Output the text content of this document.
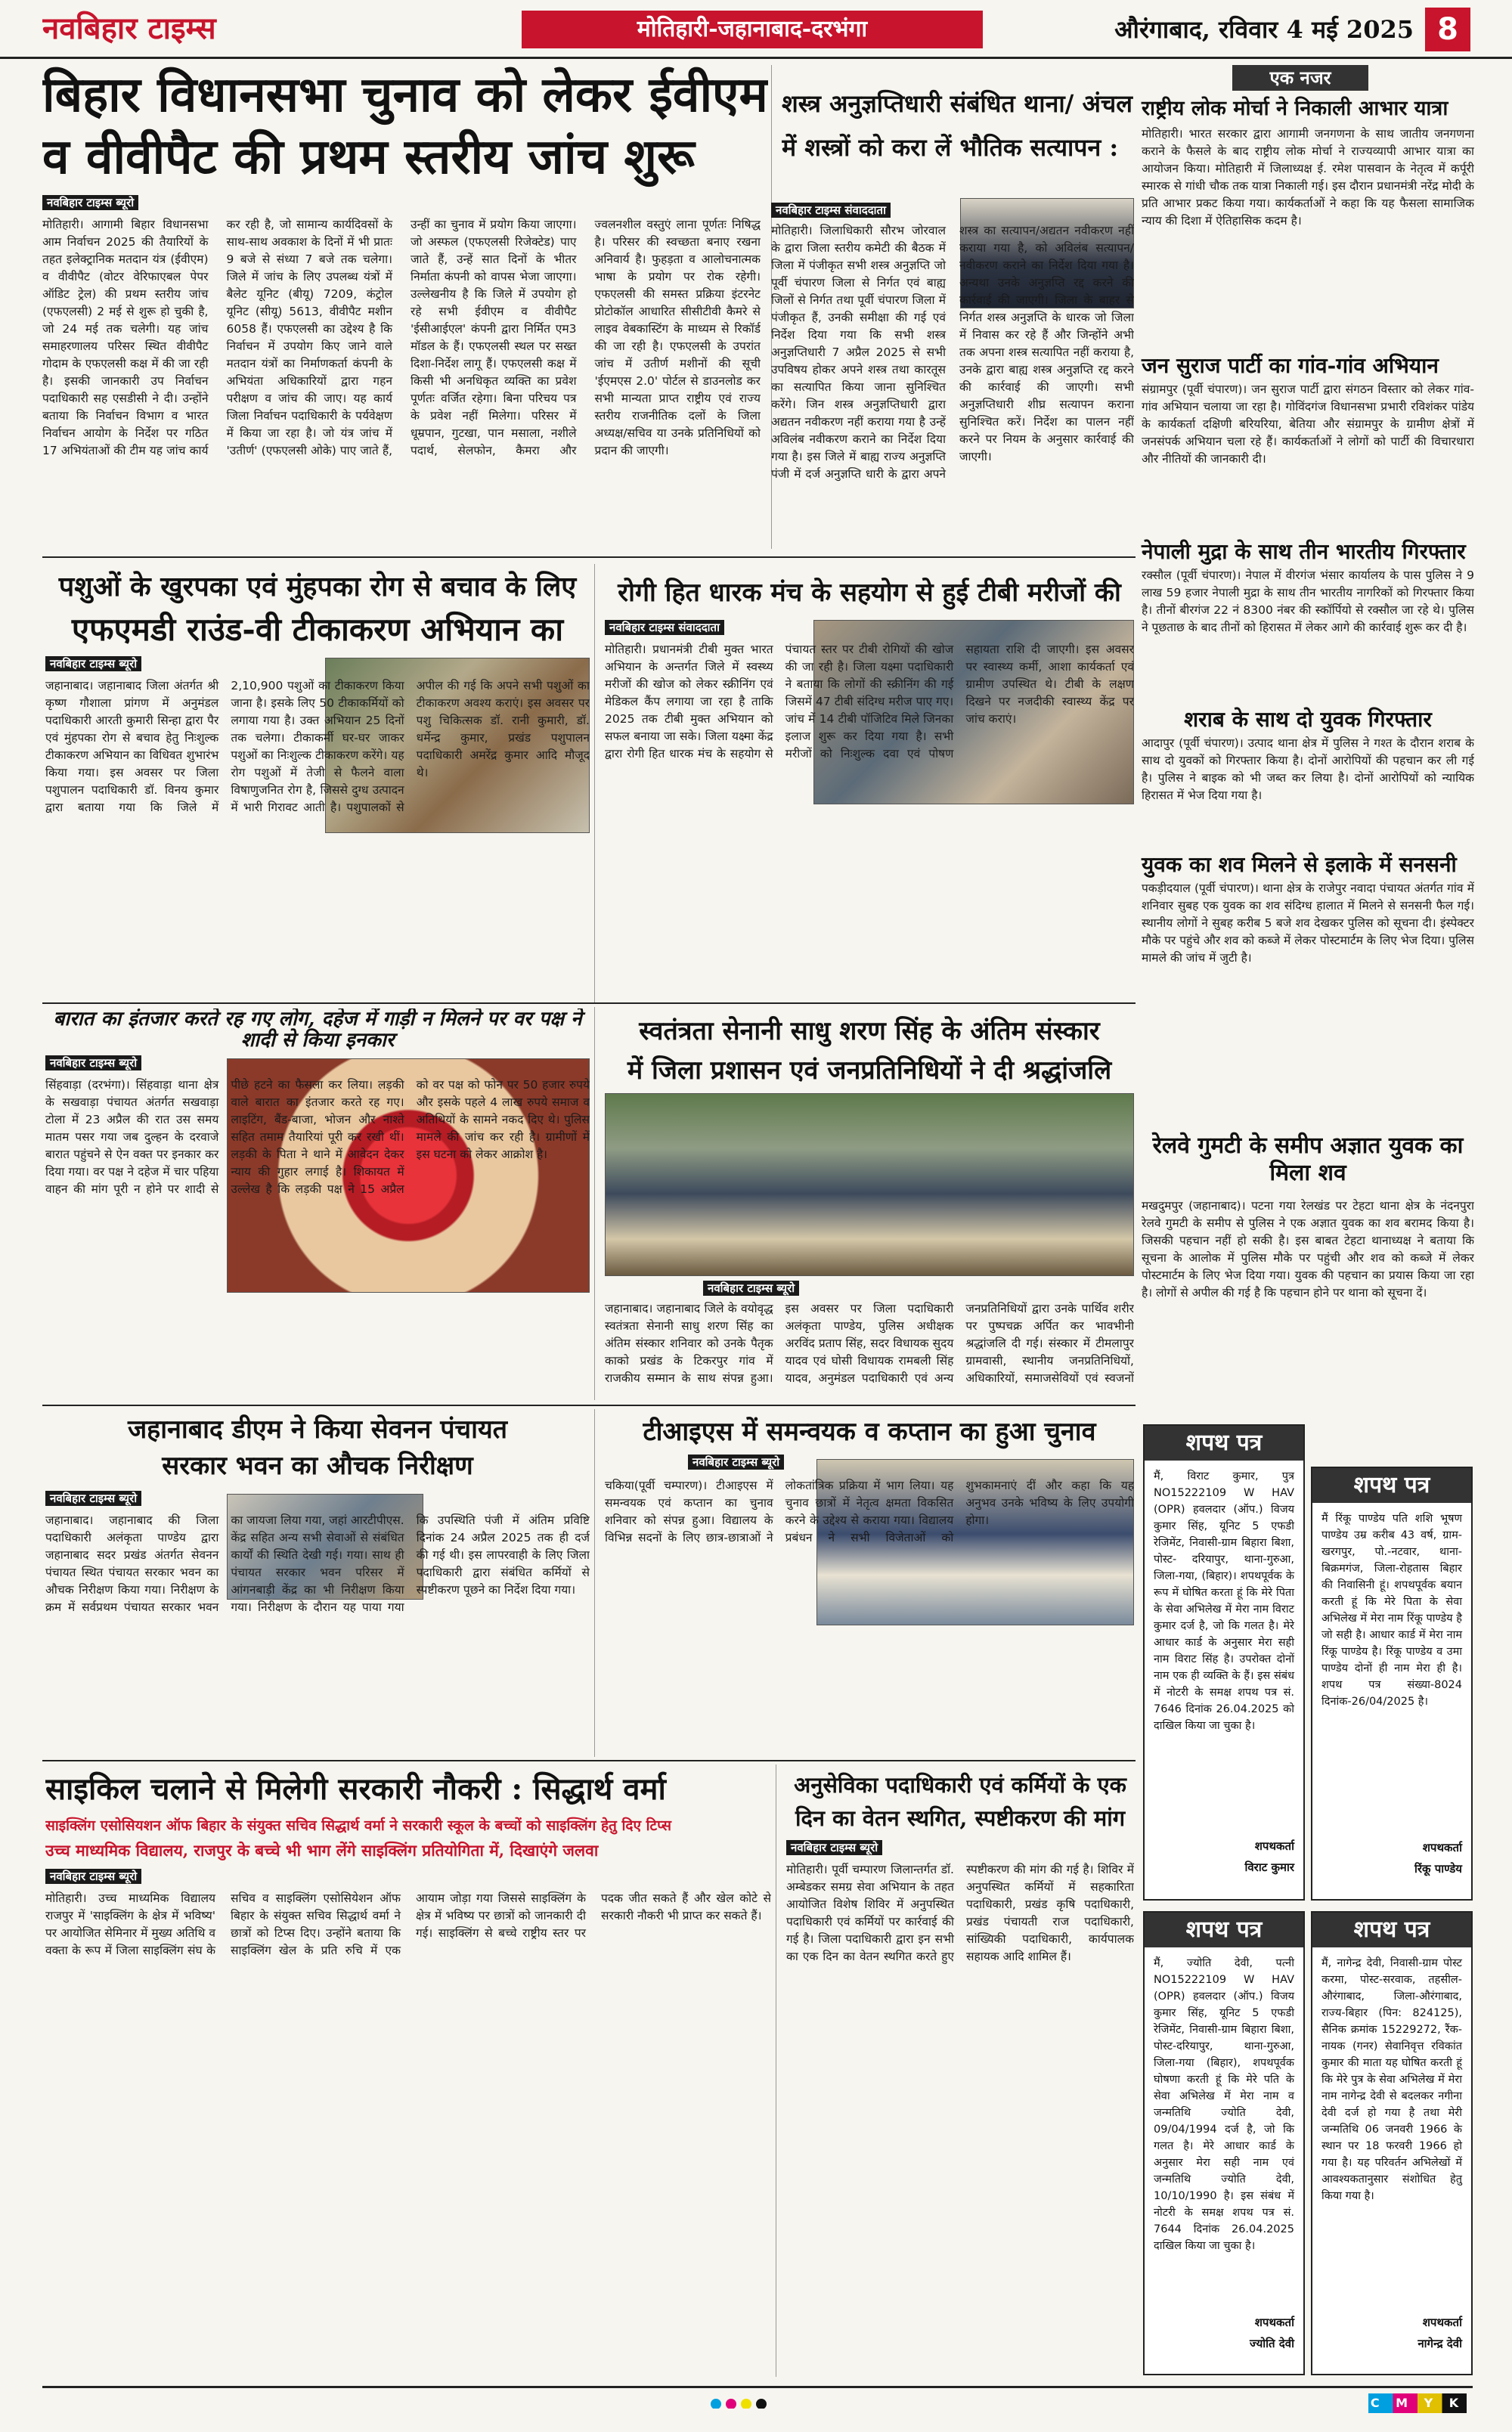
नवबिहार टाइम्स	मोतिहारी-जहानाबाद-दरभंगा	औरंगाबाद, रविवार 4 मई 2025 8
बिहार विधानसभा चुनाव को लेकर ईवीएम
व वीवीपैट की प्रथम स्तरीय जांच शुरू
नवबिहार टाइम्स ब्यूरो
मोतिहारी। आगामी बिहार विधानसभा आम निर्वाचन 2025 की तैयारियों के तहत इलेक्ट्रानिक मतदान यंत्र (ईवीएम) व वीवीपैट (वोटर वेरिफाएबल पेपर ऑडिट ट्रेल) की प्रथम स्तरीय जांच (एफएलसी) 2 मई से शुरू हो चुकी है, जो 24 मई तक चलेगी। यह जांच समाहरणालय परिसर स्थित वीवीपैट गोदाम के एफएलसी कक्ष में की जा रही है। इसकी जानकारी उप निर्वाचन पदाधिकारी सह एसडीसी ने दी। उन्होंने बताया कि निर्वाचन विभाग व भारत निर्वाचन आयोग के निर्देश पर गठित 17 अभियंताओं की टीम यह जांच कार्य कर रही है, जो सामान्य कार्यदिवसों के साथ-साथ अवकाश के दिनों में भी प्रातः 9 बजे से संध्या 7 बजे तक चलेगा। जिले में जांच के लिए उपलब्ध यंत्रों में बैलेट यूनिट (बीयू) 7209, कंट्रोल यूनिट (सीयू) 5613, वीवीपैट मशीन 6058 हैं। एफएलसी का उद्देश्य है कि निर्वाचन में उपयोग किए जाने वाले मतदान यंत्रों का निर्माणकर्ता कंपनी के अभियंता अधिकारियों द्वारा गहन परीक्षण व जांच की जाए। यह कार्य जिला निर्वाचन पदाधिकारी के पर्यवेक्षण में किया जा रहा है। जो यंत्र जांच में 'उतीर्ण' (एफएलसी ओके) पाए जाते हैं, उन्हीं का चुनाव में प्रयोग किया जाएगा। जो अस्फल (एफएलसी रिजेक्टेड) पाए जाते हैं, उन्हें सात दिनों के भीतर निर्माता कंपनी को वापस भेजा जाएगा। उल्लेखनीय है कि जिले में उपयोग हो रहे सभी ईवीएम व वीवीपैट 'ईसीआईएल' कंपनी द्वारा निर्मित एम3 मॉडल के हैं। एफएलसी स्थल पर सख्त दिशा-निर्देश लागू हैं। एफएलसी कक्ष में किसी भी अनधिकृत व्यक्ति का प्रवेश पूर्णतः वर्जित रहेगा। बिना परिचय पत्र के प्रवेश नहीं मिलेगा। परिसर में धूम्रपान, गुटखा, पान मसाला, नशीले पदार्थ, सेलफोन, कैमरा और ज्वलनशील वस्तुएं लाना पूर्णतः निषिद्ध है। परिसर की स्वच्छता बनाए रखना अनिवार्य है। फुहड़ता व आलोचनात्मक भाषा के प्रयोग पर रोक रहेगी। एफएलसी की समस्त प्रक्रिया इंटरनेट प्रोटोकॉल आधारित सीसीटीवी कैमरे से लाइव वेबकास्टिंग के माध्यम से रिकॉर्ड की जा रही है। एफएलसी के उपरांत जांच में उतीर्ण मशीनों की सूची 'ईएमएस 2.0' पोर्टल से डाउनलोड कर सभी मान्यता प्राप्त राष्ट्रीय एवं राज्य स्तरीय राजनीतिक दलों के जिला अध्यक्ष/सचिव या उनके प्रतिनिधियों को प्रदान की जाएगी।
शस्त्र अनुज्ञप्तिधारी संबंधित थाना/ अंचल
में शस्त्रों को करा लें भौतिक सत्यापन :
नवबिहार टाइम्स संवाददाता
मोतिहारी। जिलाधिकारी सौरभ जोरवाल के द्वारा जिला स्तरीय कमेटी की बैठक में जिला में पंजीकृत सभी शस्त्र अनुज्ञप्ति जो पूर्वी चंपारण जिला से निर्गत एवं बाह्य जिलों से निर्गत तथा पूर्वी चंपारण जिला में पंजीकृत हैं, उनकी समीक्षा की गई एवं निर्देश दिया गया कि सभी शस्त्र अनुज्ञप्तिधारी 7 अप्रैल 2025 से सभी उपविषय होकर अपने शस्त्र तथा कारतूस का सत्यापित किया जाना सुनिश्चित करेंगे। जिन शस्त्र अनुज्ञप्तिधारी द्वारा अद्यतन नवीकरण नहीं कराया गया है उन्हें अविलंब नवीकरण कराने का निर्देश दिया गया है। इस जिले में बाह्य राज्य अनुज्ञप्ति पंजी में दर्ज अनुज्ञप्ति धारी के द्वारा अपने शस्त्र का सत्यापन/अद्यतन नवीकरण नहीं कराया गया है, को अविलंब सत्यापन/नवीकरण कराने का निर्देश दिया गया है। अन्यथा उनके अनुज्ञप्ति रद्द करने की कार्रवाई की जाएगी। जिला के बाहर से निर्गत शस्त्र अनुज्ञप्ति के धारक जो जिला में निवास कर रहे हैं और जिन्होंने अभी तक अपना शस्त्र सत्यापित नहीं कराया है, उनके द्वारा बाह्य शस्त्र अनुज्ञप्ति रद्द करने की कार्रवाई की जाएगी। सभी अनुज्ञप्तिधारी शीघ्र सत्यापन कराना सुनिश्चित करें। निर्देश का पालन नहीं करने पर नियम के अनुसार कार्रवाई की जाएगी।
पशुओं के खुरपका एवं मुंहपका रोग से बचाव के लिए
एफएमडी राउंड-वी टीकाकरण अभियान का
नवबिहार टाइम्स ब्यूरो
जहानाबाद। जहानाबाद जिला अंतर्गत श्री कृष्ण गौशाला प्रांगण में अनुमंडल पदाधिकारी आरती कुमारी सिन्हा द्वारा पैर एवं मुंहपका रोग से बचाव हेतु निःशुल्क टीकाकरण अभियान का विधिवत शुभारंभ किया गया। इस अवसर पर जिला पशुपालन पदाधिकारी डॉ. विनय कुमार द्वारा बताया गया कि जिले में 2,10,900 पशुओं का टीकाकरण किया जाना है। इसके लिए 50 टीकाकर्मियों को लगाया गया है। उक्त अभियान 25 दिनों तक चलेगा। टीकाकर्मी घर-घर जाकर पशुओं का निःशुल्क टीकाकरण करेंगे। यह रोग पशुओं में तेजी से फैलने वाला विषाणुजनित रोग है, जिससे दुग्ध उत्पादन में भारी गिरावट आती है। पशुपालकों से अपील की गई कि अपने सभी पशुओं का टीकाकरण अवश्य कराएं। इस अवसर पर पशु चिकित्सक डॉ. रानी कुमारी, डॉ. धर्मेन्द्र कुमार, प्रखंड पशुपालन पदाधिकारी अमरेंद्र कुमार आदि मौजूद थे।
रोगी हित धारक मंच के सहयोग से हुई टीबी मरीजों की
नवबिहार टाइम्स संवाददाता
मोतिहारी। प्रधानमंत्री टीबी मुक्त भारत अभियान के अन्तर्गत जिले में स्वस्थ्य मरीजों की खोज को लेकर स्क्रीनिंग एवं मेडिकल कैंप लगाया जा रहा है ताकि 2025 तक टीबी मुक्त अभियान को सफल बनाया जा सके। जिला यक्ष्मा केंद्र द्वारा रोगी हित धारक मंच के सहयोग से पंचायत स्तर पर टीबी रोगियों की खोज की जा रही है। जिला यक्ष्मा पदाधिकारी ने बताया कि लोगों की स्क्रीनिंग की गई जिसमें 47 टीबी संदिग्ध मरीज पाए गए। जांच में 14 टीबी पॉजिटिव मिले जिनका इलाज शुरू कर दिया गया है। सभी मरीजों को निःशुल्क दवा एवं पोषण सहायता राशि दी जाएगी। इस अवसर पर स्वास्थ्य कर्मी, आशा कार्यकर्ता एवं ग्रामीण उपस्थित थे। टीबी के लक्षण दिखने पर नजदीकी स्वास्थ्य केंद्र पर जांच कराएं।
बारात का इंतजार करते रह गए लोग, दहेज में गाड़ी न मिलने पर वर पक्ष ने शादी से किया इनकार
नवबिहार टाइम्स ब्यूरो
सिंहवाड़ा (दरभंगा)। सिंहवाड़ा थाना क्षेत्र के सखवाड़ा पंचायत अंतर्गत सखवाड़ा टोला में 23 अप्रैल की रात उस समय मातम पसर गया जब दुल्हन के दरवाजे बारात पहुंचने से ऐन वक्त पर इनकार कर दिया गया। वर पक्ष ने दहेज में चार पहिया वाहन की मांग पूरी न होने पर शादी से पीछे हटने का फैसला कर लिया। लड़की वाले बारात का इंतजार करते रह गए। लाइटिंग, बैंड-बाजा, भोजन और नाश्ते सहित तमाम तैयारियां पूरी कर रखी थीं। लड़की के पिता ने थाने में आवेदन देकर न्याय की गुहार लगाई है। शिकायत में उल्लेख है कि लड़की पक्ष ने 15 अप्रैल को वर पक्ष को फोन पर 50 हजार रुपये और इसके पहले 4 लाख रुपये समाज व अतिथियों के सामने नकद दिए थे। पुलिस मामले की जांच कर रही है। ग्रामीणों में इस घटना को लेकर आक्रोश है।
स्वतंत्रता सेनानी साधु शरण सिंह के अंतिम संस्कार
में जिला प्रशासन एवं जनप्रतिनिधियों ने दी श्रद्धांजलि
नवबिहार टाइम्स ब्यूरो
जहानाबाद। जहानाबाद जिले के वयोवृद्ध स्वतंत्रता सेनानी साधु शरण सिंह का अंतिम संस्कार शनिवार को उनके पैतृक काको प्रखंड के टिकरपुर गांव में राजकीय सम्मान के साथ संपन्न हुआ। इस अवसर पर जिला पदाधिकारी अलंकृता पाण्डेय, पुलिस अधीक्षक अरविंद प्रताप सिंह, सदर विधायक सुदय यादव एवं घोसी विधायक रामबली सिंह यादव, अनुमंडल पदाधिकारी एवं अन्य जनप्रतिनिधियों द्वारा उनके पार्थिव शरीर पर पुष्पचक्र अर्पित कर भावभीनी श्रद्धांजलि दी गई। संस्कार में टीमलापुर ग्रामवासी, स्थानीय जनप्रतिनिधियों, अधिकारियों, समाजसेवियों एवं स्वजनों
जहानाबाद डीएम ने किया सेवनन पंचायत
सरकार भवन का औचक निरीक्षण
नवबिहार टाइम्स ब्यूरो
जहानाबाद। जहानाबाद की जिला पदाधिकारी अलंकृता पाण्डेय द्वारा जहानाबाद सदर प्रखंड अंतर्गत सेवनन पंचायत स्थित पंचायत सरकार भवन का औचक निरीक्षण किया गया। निरीक्षण के क्रम में सर्वप्रथम पंचायत सरकार भवन का जायजा लिया गया, जहां आरटीपीएस. केंद्र सहित अन्य सभी सेवाओं से संबंधित कार्यों की स्थिति देखी गई। गया। साथ ही पंचायत सरकार भवन परिसर में आंगनबाड़ी केंद्र का भी निरीक्षण किया गया। निरीक्षण के दौरान यह पाया गया कि उपस्थिति पंजी में अंतिम प्रविष्टि दिनांक 24 अप्रैल 2025 तक ही दर्ज की गई थी। इस लापरवाही के लिए जिला पदाधिकारी द्वारा संबंधित कर्मियों से स्पष्टीकरण पूछने का निर्देश दिया गया।
टीआइएस में समन्वयक व कप्तान का हुआ चुनाव
नवबिहार टाइम्स ब्यूरो
चकिया(पूर्वी चम्पारण)। टीआइएस में समन्वयक एवं कप्तान का चुनाव शनिवार को संपन्न हुआ। विद्यालय के विभिन्न सदनों के लिए छात्र-छात्राओं ने लोकतांत्रिक प्रक्रिया में भाग लिया। यह चुनाव छात्रों में नेतृत्व क्षमता विकसित करने के उद्देश्य से कराया गया। विद्यालय प्रबंधन ने सभी विजेताओं को शुभकामनाएं दीं और कहा कि यह अनुभव उनके भविष्य के लिए उपयोगी होगा।
साइकिल चलाने से मिलेगी सरकारी नौकरी : सिद्धार्थ वर्मा
साइक्लिंग एसोसियशन ऑफ बिहार के संयुक्त सचिव सिद्धार्थ वर्मा ने सरकारी स्कूल के बच्चों को साइक्लिंग हेतु दिए टिप्स
उच्च माध्यमिक विद्यालय, राजपुर के बच्चे भी भाग लेंगे साइक्लिंग प्रतियोगिता में, दिखाएंगे जलवा
नवबिहार टाइम्स ब्यूरो
मोतिहारी। उच्च माध्यमिक विद्यालय राजपुर में 'साइक्लिंग के क्षेत्र में भविष्य' पर आयोजित सेमिनार में मुख्य अतिथि व वक्ता के रूप में जिला साइक्लिंग संघ के सचिव व साइक्लिंग एसोसियेशन ऑफ बिहार के संयुक्त सचिव सिद्धार्थ वर्मा ने छात्रों को टिप्स दिए। उन्होंने बताया कि साइक्लिंग खेल के प्रति रुचि में एक आयाम जोड़ा गया जिससे साइक्लिंग के क्षेत्र में भविष्य पर छात्रों को जानकारी दी गई। साइक्लिंग से बच्चे राष्ट्रीय स्तर पर पदक जीत सकते हैं और खेल कोटे से सरकारी नौकरी भी प्राप्त कर सकते हैं।
अनुसेविका पदाधिकारी एवं कर्मियों के एक
दिन का वेतन स्थगित, स्पष्टीकरण की मांग
नवबिहार टाइम्स ब्यूरो
मोतिहारी। पूर्वी चम्पारण जिलान्तर्गत डॉ. अम्बेडकर समग्र सेवा अभियान के तहत आयोजित विशेष शिविर में अनुपस्थित पदाधिकारी एवं कर्मियों पर कार्रवाई की गई है। जिला पदाधिकारी द्वारा इन सभी का एक दिन का वेतन स्थगित करते हुए स्पष्टीकरण की मांग की गई है। शिविर में अनुपस्थित कर्मियों में सहकारिता पदाधिकारी, प्रखंड कृषि पदाधिकारी, प्रखंड पंचायती राज पदाधिकारी, सांख्यिकी पदाधिकारी, कार्यपालक सहायक आदि शामिल हैं।
एक नजर
राष्ट्रीय लोक मोर्चा ने निकाली आभार यात्रा
मोतिहारी। भारत सरकार द्वारा आगामी जनगणना के साथ जातीय जनगणना कराने के फैसले के बाद राष्ट्रीय लोक मोर्चा ने राज्यव्यापी आभार यात्रा का आयोजन किया। मोतिहारी में जिलाध्यक्ष ई. रमेश पासवान के नेतृत्व में कर्पूरी स्मारक से गांधी चौक तक यात्रा निकाली गई। इस दौरान प्रधानमंत्री नरेंद्र मोदी के प्रति आभार प्रकट किया गया। कार्यकर्ताओं ने कहा कि यह फैसला सामाजिक न्याय की दिशा में ऐतिहासिक कदम है।
जन सुराज पार्टी का गांव-गांव अभियान
संग्रामपुर (पूर्वी चंपारण)। जन सुराज पार्टी द्वारा संगठन विस्तार को लेकर गांव-गांव अभियान चलाया जा रहा है। गोविंदगंज विधानसभा प्रभारी रविशंकर पांडेय के कार्यकर्ता दक्षिणी बरियरिया, बेतिया और संग्रामपुर के ग्रामीण क्षेत्रों में जनसंपर्क अभियान चला रहे हैं। कार्यकर्ताओं ने लोगों को पार्टी की विचारधारा और नीतियों की जानकारी दी।
नेपाली मुद्रा के साथ तीन भारतीय गिरफ्तार
रक्सौल (पूर्वी चंपारण)। नेपाल में वीरगंज भंसार कार्यालय के पास पुलिस ने 9 लाख 59 हजार नेपाली मुद्रा के साथ तीन भारतीय नागरिकों को गिरफ्तार किया है। तीनों बीरगंज 22 नं 8300 नंबर की स्कॉर्पियो से रक्सौल जा रहे थे। पुलिस ने पूछताछ के बाद तीनों को हिरासत में लेकर आगे की कार्रवाई शुरू कर दी है।
शराब के साथ दो युवक गिरफ्तार
आदापुर (पूर्वी चंपारण)। उत्पाद थाना क्षेत्र में पुलिस ने गश्त के दौरान शराब के साथ दो युवकों को गिरफ्तार किया है। दोनों आरोपियों की पहचान कर ली गई है। पुलिस ने बाइक को भी जब्त कर लिया है। दोनों आरोपियों को न्यायिक हिरासत में भेज दिया गया है।
युवक का शव मिलने से इलाके में सनसनी
पकड़ीदयाल (पूर्वी चंपारण)। थाना क्षेत्र के राजेपुर नवादा पंचायत अंतर्गत गांव में शनिवार सुबह एक युवक का शव संदिग्ध हालात में मिलने से सनसनी फैल गई। स्थानीय लोगों ने सुबह करीब 5 बजे शव देखकर पुलिस को सूचना दी। इंस्पेक्टर मौके पर पहुंचे और शव को कब्जे में लेकर पोस्टमार्टम के लिए भेज दिया। पुलिस मामले की जांच में जुटी है।
रेलवे गुमटी के समीप अज्ञात युवक का मिला शव
मखदुमपुर (जहानाबाद)। पटना गया रेलखंड पर टेहटा थाना क्षेत्र के नंदनपुरा रेलवे गुमटी के समीप से पुलिस ने एक अज्ञात युवक का शव बरामद किया है। जिसकी पहचान नहीं हो सकी है। इस बाबत टेहटा थानाध्यक्ष ने बताया कि सूचना के आलोक में पुलिस मौके पर पहुंची और शव को कब्जे में लेकर पोस्टमार्टम के लिए भेज दिया गया। युवक की पहचान का प्रयास किया जा रहा है। लोगों से अपील की गई है कि पहचान होने पर थाना को सूचना दें।
शपथ पत्र
मैं, विराट कुमार, पुत्र NO15222109 W HAV (OPR) हवलदार (ऑप.) विजय कुमार सिंह, यूनिट 5 एफडी रेजिमेंट, निवासी-ग्राम बिहारा बिशा, पोस्ट- दरियापुर, थाना-गुरुआ, जिला-गया, (बिहार)। शपथपूर्वक के रूप में घोषित करता हूं कि मेरे पिता के सेवा अभिलेख में मेरा नाम विराट कुमार दर्ज है, जो कि गलत है। मेरे आधार कार्ड के अनुसार मेरा सही नाम विराट सिंह है। उपरोक्त दोनों नाम एक ही व्यक्ति के हैं। इस संबंध में नोटरी के समक्ष शपथ पत्र सं. 7646 दिनांक 26.04.2025 को दाखिल किया जा चुका है।
शपथकर्ता
विराट कुमार
शपथ पत्र
मैं रिंकू पाण्डेय पति शशि भूषण पाण्डेय उम्र करीब 43 वर्ष, ग्राम-खरगपुर, पो.-नटवार, थाना-बिक्रमगंज, जिला-रोहतास बिहार की निवासिनी हूं। शपथपूर्वक बयान करती हूं कि मेरे पिता के सेवा अभिलेख में मेरा नाम रिंकू पाण्डेय है जो सही है। आधार कार्ड में मेरा नाम रिंकू पाण्डेय है। रिंकू पाण्डेय व उमा पाण्डेय दोनों ही नाम मेरा ही है। शपथ पत्र संख्या-8024 दिनांक-26/04/2025 है।
शपथकर्ता
रिंकू पाण्डेय
शपथ पत्र
मैं, ज्योति देवी, पत्नी NO15222109 W HAV (OPR) हवलदार (ऑप.) विजय कुमार सिंह, यूनिट 5 एफडी रेजिमेंट, निवासी-ग्राम बिहारा बिशा, पोस्ट-दरियापुर, थाना-गुरुआ, जिला-गया (बिहार), शपथपूर्वक घोषणा करती हूं कि मेरे पति के सेवा अभिलेख में मेरा नाम व जन्मतिथि ज्योति देवी, 09/04/1994 दर्ज है, जो कि गलत है। मेरे आधार कार्ड के अनुसार मेरा सही नाम एवं जन्मतिथि ज्योति देवी, 10/10/1990 है। इस संबंध में नोटरी के समक्ष शपथ पत्र सं. 7644 दिनांक 26.04.2025 दाखिल किया जा चुका है।
शपथकर्ता
ज्योति देवी
शपथ पत्र
मैं, नागेन्द्र देवी, निवासी-ग्राम पोस्ट करमा, पोस्ट-सरवाक, तहसील-औरंगाबाद, जिला-औरंगाबाद, राज्य-बिहार (पिन: 824125), सैनिक क्रमांक 15229272, रैंक-नायक (गनर) सेवानिवृत्त रविकांत कुमार की माता यह घोषित करती हूं कि मेरे पुत्र के सेवा अभिलेख में मेरा नाम नागेन्द्र देवी से बदलकर नगीना देवी दर्ज हो गया है तथा मेरी जन्मतिथि 06 जनवरी 1966 के स्थान पर 18 फरवरी 1966 हो गया है। यह परिवर्तन अभिलेखों में आवश्यकतानुसार संशोधित हेतु किया गया है।
शपथकर्ता
नागेन्द्र देवी
C M Y K
